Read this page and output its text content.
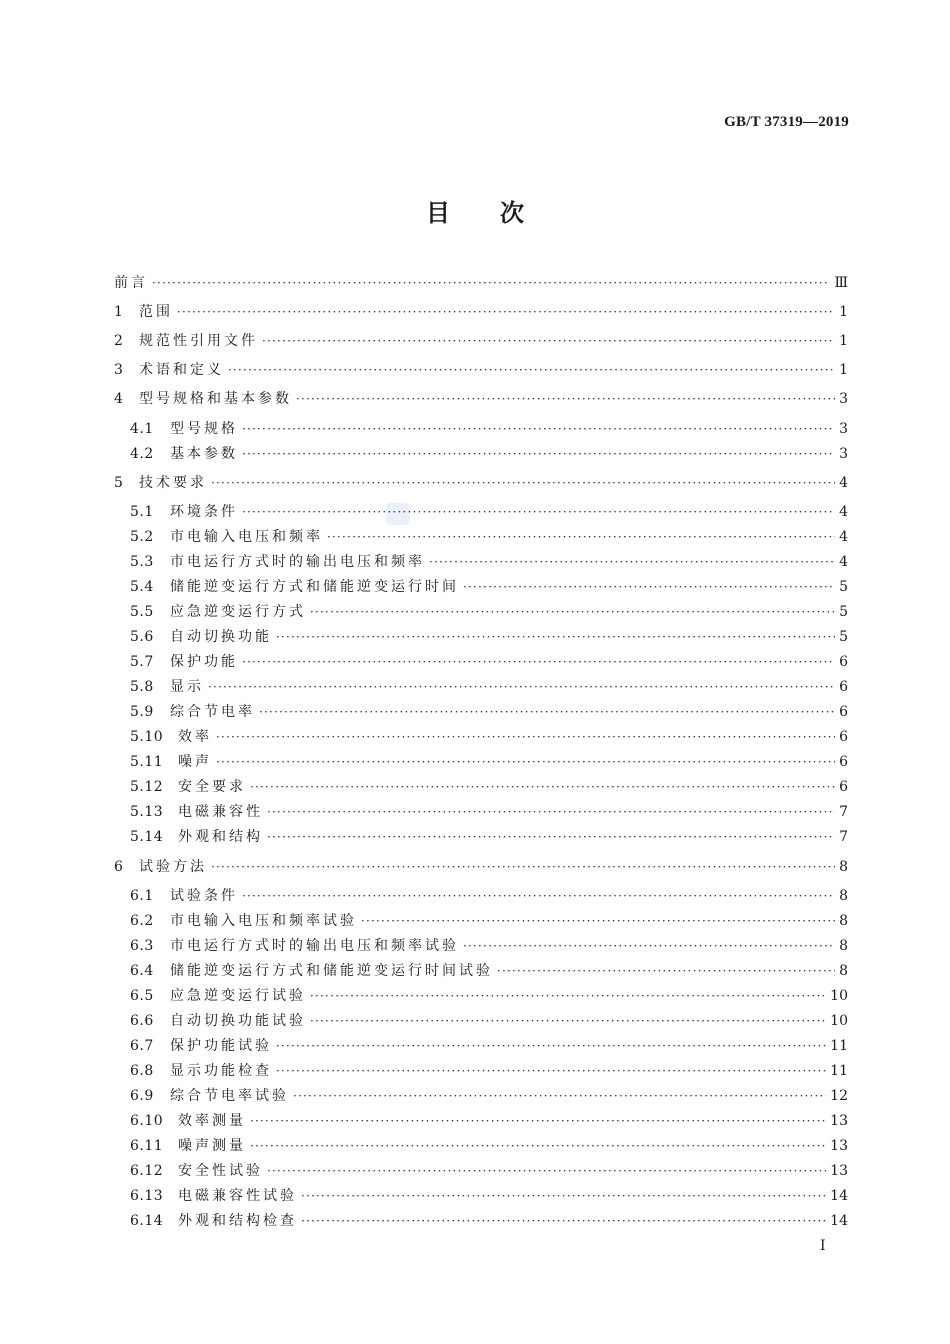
GB/T 37319—2019
目 次
前言 ·····	Ⅲ
1	范围 ·····	1
2	规范性引用文件 ·····	1
3	术语和定义 ·····	1
4	型号规格和基本参数 ·····	3
4.1	型号规格 ·····	3
4.2	基本参数 ·····	3
5	技术要求 ·····	4
5.1	环境条件 ·····	4
5.2	市电输入电压和频率 ·····	4
5.3	市电运行方式时的输出电压和频率 ·····	4
5.4	储能逆变运行方式和储能逆变运行时间 ·····	5
5.5	应急逆变运行方式 ·····	5
5.6	自动切换功能 ·····	5
5.7	保护功能 ·····	6
5.8	显示 ·····	6
5.9	综合节电率 ·····	6
5.10	效率 ·····	6
5.11	噪声 ·····	6
5.12	安全要求 ·····	6
5.13	电磁兼容性 ·····	7
5.14	外观和结构 ·····	7
6	试验方法 ·····	8
6.1	试验条件 ·····	8
6.2	市电输入电压和频率试验 ·····	8
6.3	市电运行方式时的输出电压和频率试验 ·····	8
6.4	储能逆变运行方式和储能逆变运行时间试验 ·····	8
6.5	应急逆变运行试验 ·····	10
6.6	自动切换功能试验 ·····	10
6.7	保护功能试验 ·····	11
6.8	显示功能检查 ·····	11
6.9	综合节电率试验 ·····	12
6.10	效率测量 ·····	13
6.11	噪声测量 ·····	13
6.12	安全性试验 ·····	13
6.13	电磁兼容性试验 ·····	14
6.14	外观和结构检查 ·····	14
I
